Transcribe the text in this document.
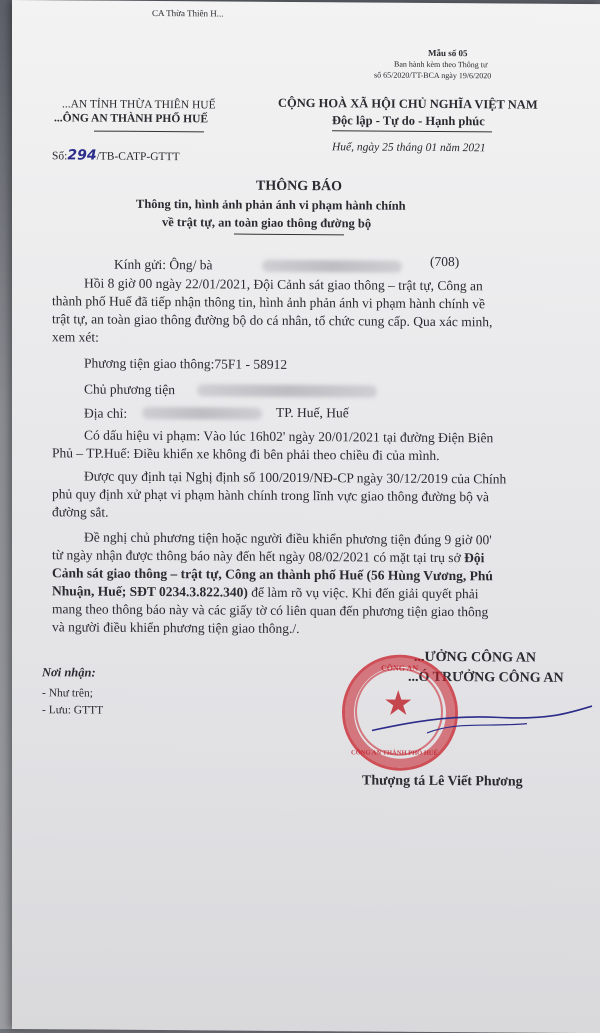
CA Thừa Thiên H...
Mẫu số 05
Ban hành kèm theo Thông tư
số 65/2020/TT-BCA ngày 19/6/2020
...AN TỈNH THỪA THIÊN HUẾ
...ÔNG AN THÀNH PHỐ HUẾ
Số:294/TB-CATP-GTTT
CỘNG HOÀ XÃ HỘI CHỦ NGHĨA VIỆT NAM
Độc lập - Tự do - Hạnh phúc
Huế, ngày 25 tháng 01 năm 2021
THÔNG BÁO
Thông tin, hình ảnh phản ánh vi phạm hành chính
về trật tự, an toàn giao thông đường bộ
Kính gửi: Ông/ bà	(708)
Hồi 8 giờ 00 ngày 22/01/2021, Đội Cảnh sát giao thông – trật tự, Công an
thành phố Huế đã tiếp nhận thông tin, hình ảnh phản ánh vi phạm hành chính về
trật tự, an toàn giao thông đường bộ do cá nhân, tổ chức cung cấp. Qua xác minh,
xem xét:
Phương tiện giao thông:75F1 - 58912
Chủ phương tiện
Địa chỉ:	TP. Huế, Huế
Có dấu hiệu vi phạm: Vào lúc 16h02' ngày 20/01/2021 tại đường Điện Biên
Phủ – TP.Huế: Điều khiển xe không đi bên phải theo chiều đi của mình.
Được quy định tại Nghị định số 100/2019/NĐ-CP ngày 30/12/2019 của Chính
phủ quy định xử phạt vi phạm hành chính trong lĩnh vực giao thông đường bộ và
đường sắt.
Đề nghị chủ phương tiện hoặc người điều khiển phương tiện đúng 9 giờ 00'
từ ngày nhận được thông báo này đến hết ngày 08/02/2021 có mặt tại trụ sở Đội
Cảnh sát giao thông – trật tự, Công an thành phố Huế (56 Hùng Vương, Phú
Nhuận, Huế; SĐT 0234.3.822.340) để làm rõ vụ việc. Khi đến giải quyết phải
mang theo thông báo này và các giấy tờ có liên quan đến phương tiện giao thông
và người điều khiển phương tiện giao thông./.
Nơi nhận:
- Như trên;
- Lưu: GTTT
...ƯỞNG CÔNG AN
...Ó TRƯỞNG CÔNG AN
★
CÔNG AN
CÔNG AN THÀNH PHỐ HUẾ
Thượng tá Lê Viết Phương
